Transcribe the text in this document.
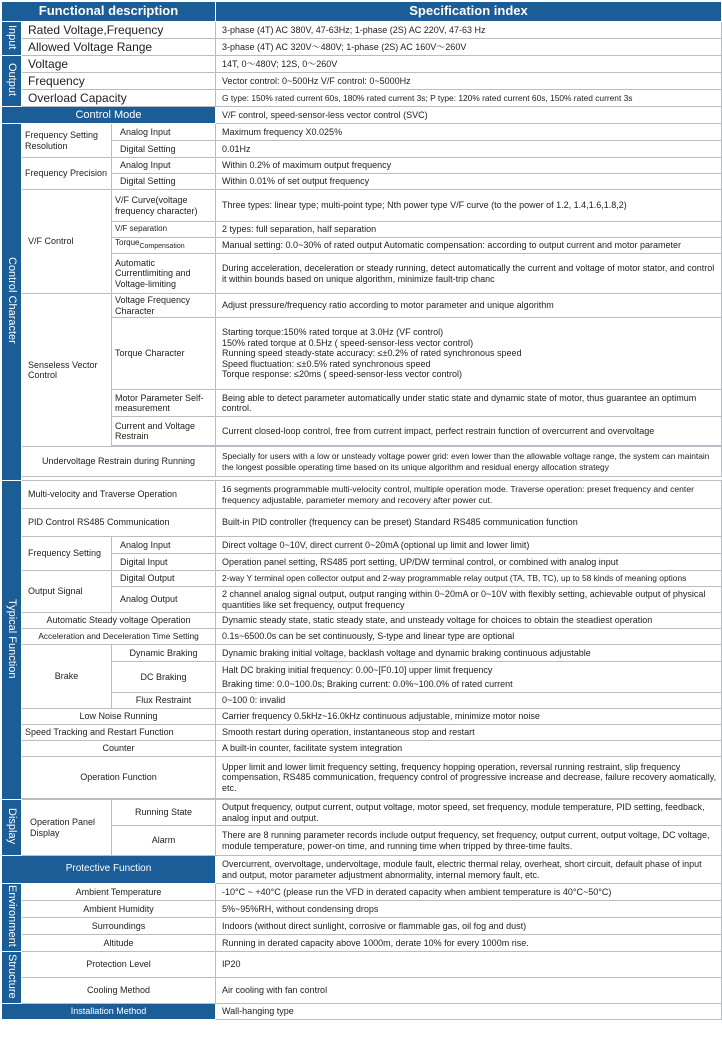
Functional description			Specification index
Input	Rated Voltage,Frequency		3-phase (4T) AC 380V, 47-63Hz; 1-phase (2S) AC 220V, 47-63 Hz
	Allowed Voltage Range		3-phase (4T) AC 320V～480V; 1-phase (2S) AC 160V～260V
Output	Voltage		14T, 0～480V; 12S, 0～260V
	Frequency		Vector control: 0~500Hz V/F control: 0~5000Hz
	Overload Capacity		G type: 150% rated current 60s, 180% rated current 3s; P type: 120% rated current 60s, 150% rated current 3s
Control Mode			V/F control, speed-sensor-less vector control (SVC)
Control Character	Frequency Setting Resolution	Analog Input	Maximum frequency X0.025%
		Digital Setting	0.01Hz
	Frequency Precision	Analog Input	Within 0.2% of maximum output frequency
		Digital Setting	Within 0.01% of set output frequency
	V/F Control	V/F Curve(voltage frequency character)	Three types: linear type; multi-point type; Nth power type V/F curve (to the power of 1.2, 1.4,1.6,1.8,2)
		V/F separation	2 types: full separation, half separation
		TorqueCompensation	Manual setting: 0.0~30% of rated output Automatic compensation: according to output current and motor parameter
		Automatic Currentlimiting and Voltage-limiting	During acceleration, deceleration or steady running, detect automatically the current and voltage of motor stator, and control it within bounds based on unique algorithm, minimize fault-trip chanc
	Senseless Vector Control	Voltage Frequency Character	Adjust pressure/frequency ratio according to motor parameter and unique algorithm
		Torque Character	Starting torque:150% rated torque at 3.0Hz (VF control)
150% rated torque at 0.5Hz ( speed-sensor-less vector control)
Running speed steady-state accuracy: ≤±0.2% of rated synchronous speed
Speed fluctuation: ≤±0.5% rated synchronous speed
Torque response: ≤20ms ( speed-sensor-less vector control)

		Motor Parameter Self-measurement	Being able to detect parameter automatically under static state and dynamic state of motor, thus guarantee an optimum control.
		Current and Voltage Restrain	Current closed-loop control, free from current impact, perfect restrain function of overcurrent and overvoltage

	Undervoltage Restrain during Running		Specially for users with a low or unsteady voltage power grid: even lower than the allowable voltage range, the system can maintain the longest possible operating time based on its unique algorithm and residual energy allocation strategy

Typical Function	Multi-velocity and Traverse Operation		16 segments programmable multi-velocity control, multiple operation mode. Traverse operation: preset frequency and center frequency adjustable, parameter memory and recovery after power cut.
	PID Control RS485 Communication		Built-in PID controller (frequency can be preset) Standard RS485 communication function
	Frequency Setting	Analog Input	Direct voltage 0~10V, direct current 0~20mA (optional up limit and lower limit)
		Digital Input	Operation panel setting, RS485 port setting, UP/DW terminal control, or combined with analog input
	Output Signal	Digital Output	2-way Y terminal open collector output and 2-way programmable relay output (TA, TB, TC), up to 58 kinds of meaning options
		Analog Output	2 channel analog signal output, output ranging within 0~20mA or 0~10V with flexibly setting, achievable output of physical quantities like set frequency, output frequency
	Automatic Steady voltage Operation		Dynamic steady state, static steady state, and unsteady voltage for choices to obtain the steadiest operation
	Acceleration and Deceleration Time Setting		0.1s~6500.0s can be set continuously, S-type and linear type are optional
	Brake	Dynamic Braking	Dynamic braking initial voltage, backlash voltage and dynamic braking continuous adjustable
		DC Braking	Halt DC braking initial frequency: 0.00~[F0.10] upper limit frequency
Braking time: 0.0~100.0s; Braking current: 0.0%~100.0% of rated current

		Flux Restraint	0~100 0: invalid
	Low Noise Running		Carrier frequency 0.5kHz~16.0kHz continuous adjustable, minimize motor noise
	Speed Tracking and Restart Function		Smooth restart during operation, instantaneous stop and restart
	Counter		A built-in counter, facilitate system integration
	Operation Function		Upper limit and lower limit frequency setting, frequency hopping operation, reversal running restraint, slip frequency compensation, RS485 communication, frequency control of progressive increase and decrease, failure recovery aomatically, etc.

Display	Operation Panel Display	Running State	Output frequency, output current, output voltage, motor speed, set frequency, module temperature, PID setting, feedback, analog input and output.
		Alarm	There are 8 running parameter records include output frequency, set frequency, output current, output voltage, DC voltage, module temperature, power-on time, and running time when tripped by three-time faults.
Protective Function			Overcurrent, overvoltage, undervoltage, module fault, electric thermal relay, overheat, short circuit, default phase of input and output, motor parameter adjustment abnormality, internal memory fault, etc.
Environment	Ambient Temperature		-10°C ~ +40°C (please run the VFD in derated capacity when ambient temperature is 40°C~50°C)
	Ambient Humidity		5%~95%RH, without condensing drops
	Surroundings		Indoors (without direct sunlight, corrosive or flammable gas, oil fog and dust)
	Altitude		Running in derated capacity above 1000m, derate 10% for every 1000m rise.
Structure	Protection Level		IP20
	Cooling Method		Air cooling with fan control
Installation Method			Wall-hanging type
